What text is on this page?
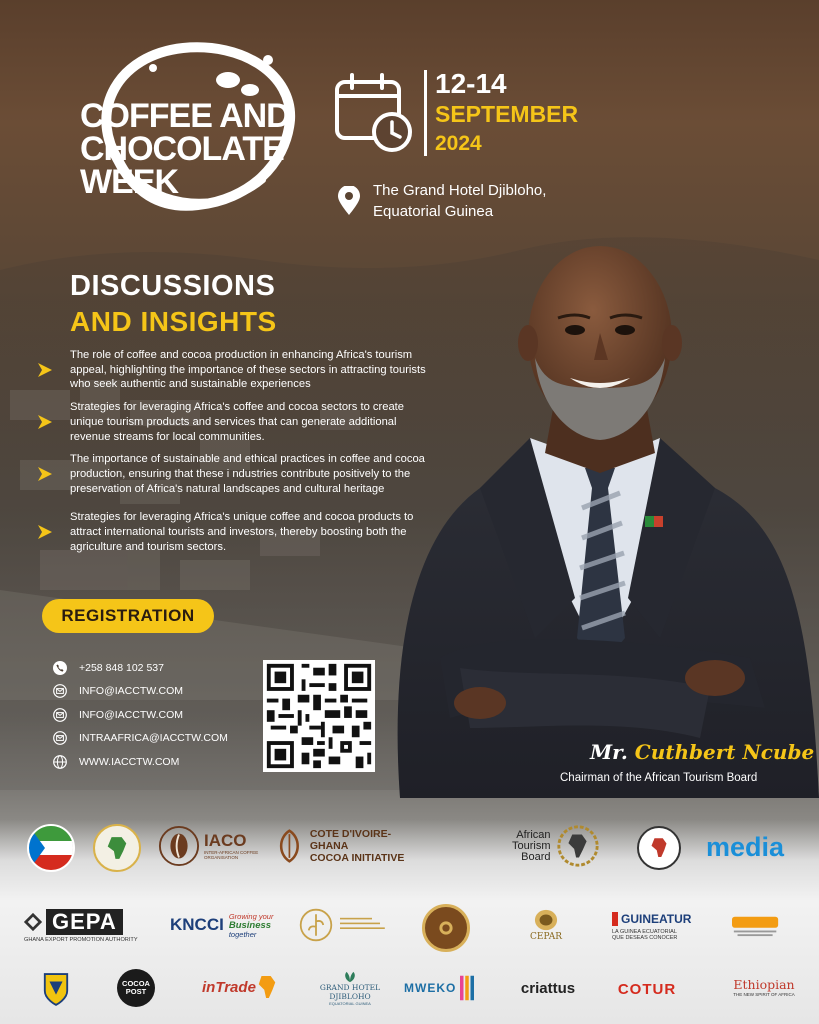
COFFEE AND
CHOCOLATE
WEEK
12-14
SEPTEMBER
2024
The Grand Hotel Djibloho,
Equatorial Guinea
DISCUSSIONS
AND INSIGHTS
The role of coffee and cocoa production in enhancing Africa's tourism appeal, highlighting the importance of these sectors in attracting tourists who seek authentic and sustainable experiences
Strategies for leveraging Africa's coffee and cocoa sectors to create unique tourism products and services that can generate additional revenue streams for local communities.
The importance of sustainable and ethical practices in coffee and cocoa production, ensuring that these i ndustries contribute positively to the preservation of Africa's natural landscapes and cultural heritage
Strategies for leveraging Africa's unique coffee and cocoa products to attract international tourists and investors, thereby boosting both the agriculture and tourism sectors.
REGISTRATION
+258 848 102 537
INFO@IACCTW.COM
INFO@IACCTW.COM
INTRAAFRICA@IACCTW.COM
WWW.IACCTW.COM	Mr. Cuthbert Ncube
Chairman of the African Tourism Board
IACO
INTER-AFRICAN COFFEE ORGANISATION
COTE D'IVOIRE-GHANA
COCOA INITIATIVE
African
Tourism
Board	media
GEPA
GHANA EXPORT PROMOTION AUTHORITY
KNCCI Growing your
Business
together	CEPAR
GUINEATUR
LA GUINEA ECUATORIAL
QUE DESEAS CONOCER
COCOA
POST	inTrade	GRAND HOTEL
DJIBLOHO
EQUATORIAL GUINEA
MWEKO	criattus	COTUR	Ethiopian
THE NEW SPIRIT OF AFRICA
